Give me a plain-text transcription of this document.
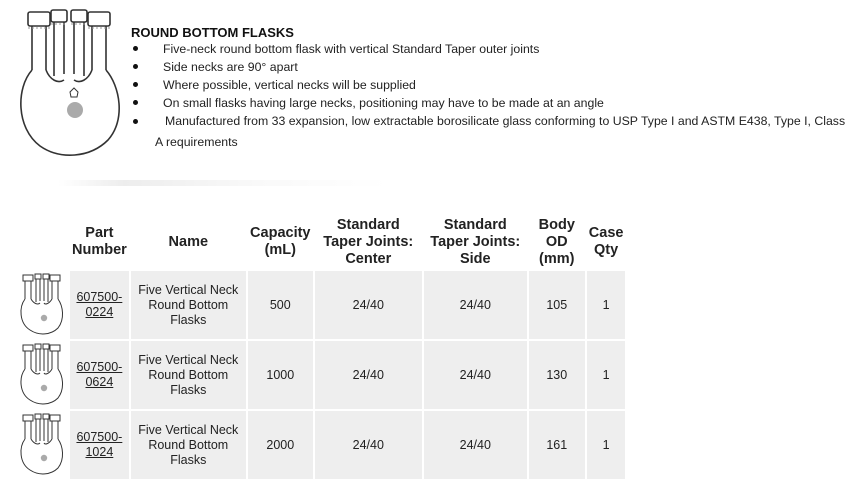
ROUND BOTTOM FLASKS
Five-neck round bottom flask with vertical Standard Taper outer joints
Side necks are 90° apart
Where possible, vertical necks will be supplied
On small flasks having large necks, positioning may have to be made at an angle
Manufactured from 33 expansion, low extractable borosilicate glass conforming to USP Type I and ASTM E438, Type I, Class A requirements
	Part Number	Name	Capacity (mL)	Standard Taper Joints: Center	Standard Taper Joints: Side	Body OD (mm)	Case Qty

	607500-0224	Five Vertical Neck Round Bottom Flasks	500	24/40	24/40	105	1

	607500-0624	Five Vertical Neck Round Bottom Flasks	1000	24/40	24/40	130	1

	607500-1024	Five Vertical Neck Round Bottom Flasks	2000	24/40	24/40	161	1
